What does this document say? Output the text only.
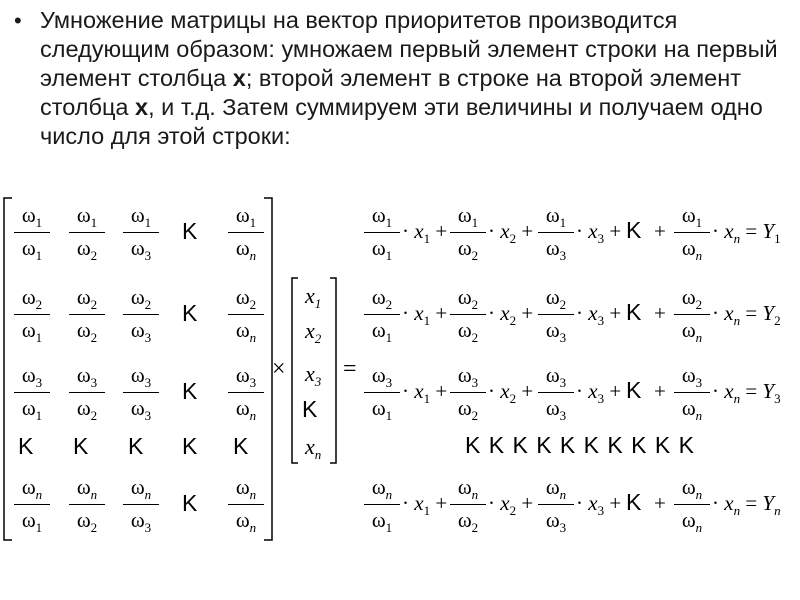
• Умножение матрицы на вектор приоритетов производится следующим образом: умножаем первый элемент строки на первый элемент столбца x; второй элемент в строке на второй элемент столбца x, и т.д. Затем суммируем эти величины и получаем одно число для этой строки:
$\omega_1$
$\omega_1$
$\omega_1$
$\omega_2$
$\omega_1$
$\omega_3$
K
$\omega_1$
$\omega_n$
$\omega_2$
$\omega_1$
$\omega_2$
$\omega_2$
$\omega_2$
$\omega_3$
K
$\omega_2$
$\omega_n$
$\omega_3$
$\omega_1$
$\omega_3$
$\omega_2$
$\omega_3$
$\omega_3$
K
$\omega_3$
$\omega_n$
$\omega_n$
$\omega_1$
$\omega_n$
$\omega_2$
$\omega_n$
$\omega_3$
K
$\omega_n$
$\omega_n$
K K K K K
×
$x_1$
$x_2$
$x_3$
K
$x_n$
=
$\omega_1$
$\omega_1$
$\omega_1$
$\omega_2$
$\omega_1$
$\omega_3$
$\omega_1$
$\omega_n$
· $x_1$ + · $x_2$ + · $x_3 + K$ + · $x_n = Y_1$
$\omega_2$
$\omega_1$
$\omega_2$
$\omega_2$
$\omega_2$
$\omega_3$
$\omega_2$
$\omega_n$
· $x_1$ + · $x_2$ + · $x_3 + K$ + · $x_n = Y_2$
$\omega_3$
$\omega_1$
$\omega_3$
$\omega_2$
$\omega_3$
$\omega_3$
$\omega_3$
$\omega_n$
· $x_1$ + · $x_2$ + · $x_3 + K$ + · $x_n = Y_3$
$\omega_n$
$\omega_1$
$\omega_n$
$\omega_2$
$\omega_n$
$\omega_3$
$\omega_n$
$\omega_n$
· $x_1$ + · $x_2$ + · $x_3 + K$ + · $x_n = Y_n$
K K K K K K K K K K
